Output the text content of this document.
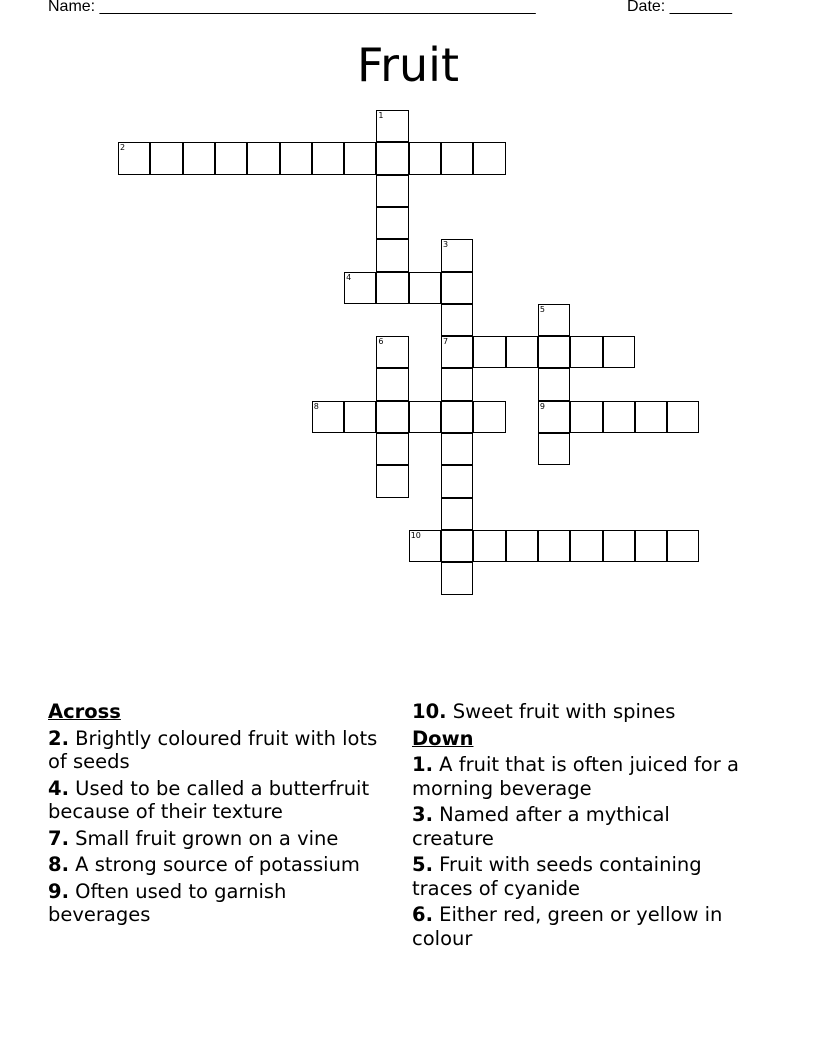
Name: _________________________________________________	Date: _______
Fruit
1
2
3
7
4
5
9
6
8
10
Across
2. Brightly coloured fruit with lots of seeds
4. Used to be called a butterfruit because of their texture
7. Small fruit grown on a vine
8. A strong source of potassium
9. Often used to garnish beverages
10. Sweet fruit with spines
Down
1. A fruit that is often juiced for a morning beverage
3. Named after a mythical creature
5. Fruit with seeds containing traces of cyanide
6. Either red, green or yellow in colour
